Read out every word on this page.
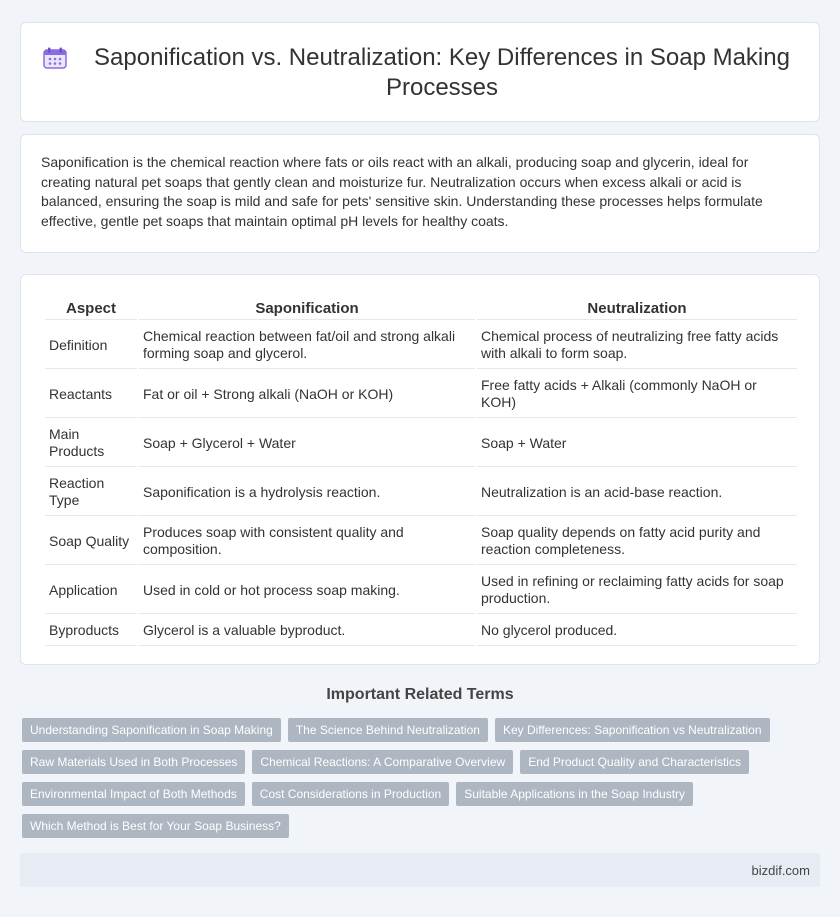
Saponification vs. Neutralization: Key Differences in Soap Making Processes

Saponification is the chemical reaction where fats or oils react with an alkali, producing soap and glycerin, ideal for creating natural pet soaps that gently clean and moisturize fur. Neutralization occurs when excess alkali or acid is balanced, ensuring the soap is mild and safe for pets' sensitive skin. Understanding these processes helps formulate effective, gentle pet soaps that maintain optimal pH levels for healthy coats.

Aspect	Saponification	Neutralization
Definition	Chemical reaction between fat/oil and strong alkali forming soap and glycerol.	Chemical process of neutralizing free fatty acids with alkali to form soap.
Reactants	Fat or oil + Strong alkali (NaOH or KOH)	Free fatty acids + Alkali (commonly NaOH or KOH)
Main Products	Soap + Glycerol + Water	Soap + Water
Reaction Type	Saponification is a hydrolysis reaction.	Neutralization is an acid-base reaction.
Soap Quality	Produces soap with consistent quality and composition.	Soap quality depends on fatty acid purity and reaction completeness.
Application	Used in cold or hot process soap making.	Used in refining or reclaiming fatty acids for soap production.
Byproducts	Glycerol is a valuable byproduct.	No glycerol produced.
Important Related Terms
Understanding Saponification in Soap Making	The Science Behind Neutralization	Key Differences: Saponification vs Neutralization
Raw Materials Used in Both Processes	Chemical Reactions: A Comparative Overview	End Product Quality and Characteristics
Environmental Impact of Both Methods	Cost Considerations in Production	Suitable Applications in the Soap Industry
Which Method is Best for Your Soap Business?
bizdif.com
